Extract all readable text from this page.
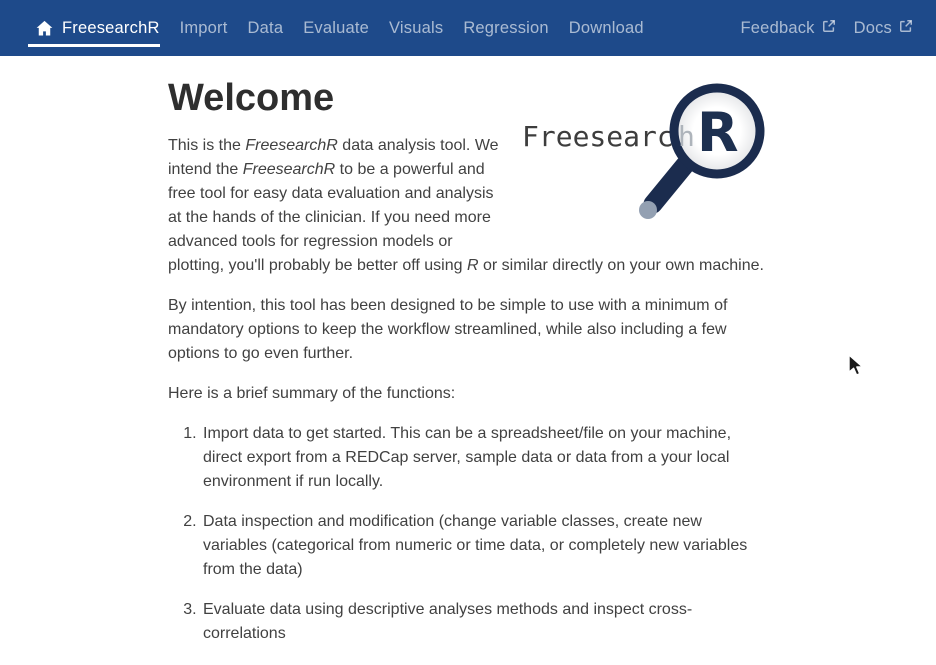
FreesearchR	Import	Data	Evaluate	Visuals	Regression	Download	Feedback Docs
Freesearc h R
Welcome

This is the FreesearchR data analysis tool. We intend the FreesearchR to be a powerful and free tool for easy data evaluation and analysis at the hands of the clinician. If you need more advanced tools for regression models or plotting, you'll probably be better off using R or similar directly on your own machine.

By intention, this tool has been designed to be simple to use with a minimum of mandatory options to keep the workflow streamlined, while also including a few options to go even further.

Here is a brief summary of the functions:

1. Import data to get started. This can be a spreadsheet/file on your machine, direct export from a REDCap server, sample data or data from a your local environment if run locally.
2. Data inspection and modification (change variable classes, create new variables (categorical from numeric or time data, or completely new variables from the data)
3. Evaluate data using descriptive analyses methods and inspect cross-correlations
